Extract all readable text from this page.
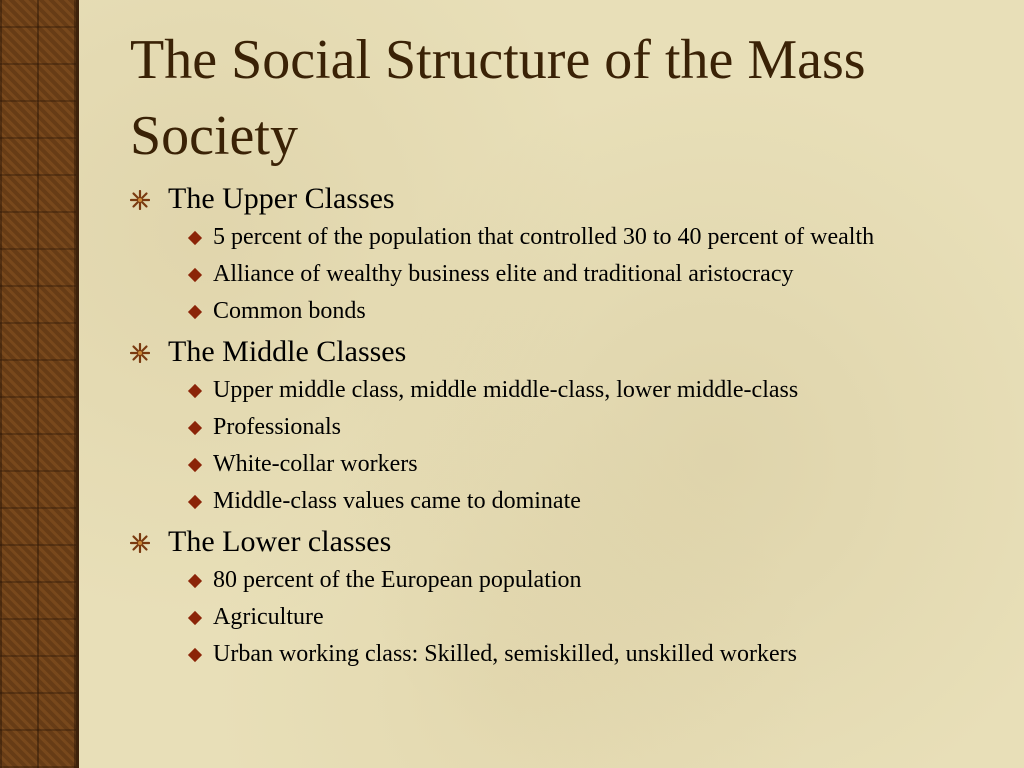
The Social Structure of the Mass Society
The Upper Classes
5 percent of the population that controlled 30 to 40 percent of wealth
Alliance of wealthy business elite and traditional aristocracy
Common bonds
The Middle Classes
Upper middle class, middle middle-class, lower middle-class
Professionals
White-collar workers
Middle-class values came to dominate
The Lower classes
80 percent of the European population
Agriculture
Urban working class: Skilled, semiskilled, unskilled workers
